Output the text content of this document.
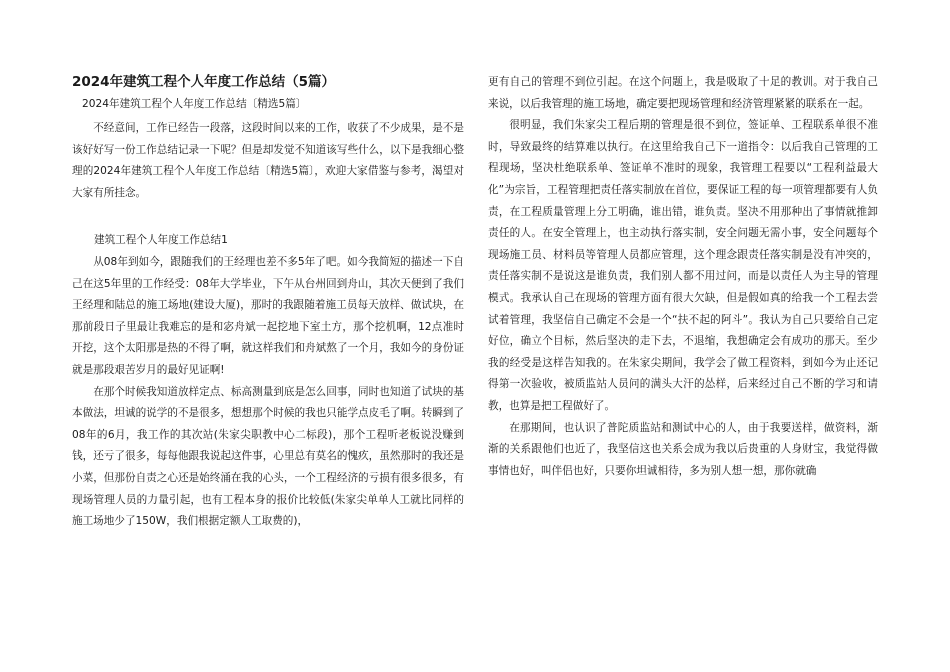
2024年建筑工程个人年度工作总结（5篇）
2024年建筑工程个人年度工作总结〔精选5篇〕

不经意间，工作已经告一段落，这段时间以来的工作，收获了不少成果，是不是该好好写一份工作总结记录一下呢？但是却发觉不知道该写些什么，以下是我细心整理的2024年建筑工程个人年度工作总结〔精选5篇〕，欢迎大家借鉴与参考，渴望对大家有所挂念。

建筑工程个人年度工作总结1

从08年到如今，跟随我们的王经理也差不多5年了吧。如今我简短的描述一下自己在这5年里的工作经受：08年大学毕业，下午从台州回到舟山，其次天便到了我们王经理和陆总的施工场地(建设大厦)，那时的我跟随着施工员每天放样、做试块，在那前段日子里最让我难忘的是和宓舟斌一起挖地下室土方，那个挖机啊，12点准时开挖，这个太阳那是热的不得了啊，就这样我们和舟斌熬了一个月，我如今的身份证就是那段艰苦岁月的最好见证啊!

在那个时候我知道放样定点、标高测量到底是怎么回事，同时也知道了试块的基本做法，坦诚的说学的不是很多，想想那个时候的我也只能学点皮毛了啊。转瞬到了08年的6月，我工作的其次站(朱家尖职教中心二标段)，那个工程听老板说没赚到钱，还亏了很多，每每他跟我说起这件事，心里总有莫名的愧疚，虽然那时的我还是小菜，但那份自责之心还是始终涌在我的心头，一个工程经济的亏损有很多很多，有现场管理人员的力量引起，也有工程本身的报价比较低(朱家尖单单人工就比同样的施工场地少了150W，我们根据定额人工取费的)，

更有自己的管理不到位引起。在这个问题上，我是吸取了十足的教训。对于我自己来说，以后我管理的施工场地，确定要把现场管理和经济管理紧紧的联系在一起。

很明显，我们朱家尖工程后期的管理是很不到位，签证单、工程联系单很不准时，导致最终的结算难以执行。在这里给我自己下一道指令：以后我自己管理的工程现场，坚决杜绝联系单、签证单不准时的现象，我管理工程要以“工程利益最大化”为宗旨，工程管理把责任落实制放在首位，要保证工程的每一项管理都要有人负责，在工程质量管理上分工明确，谁出错，谁负责。坚决不用那种出了事情就推卸责任的人。在安全管理上，也主动执行落实制，安全问题无需小事，安全问题每个现场施工员、材料员等管理人员都应管理，这个理念跟责任落实制是没有冲突的，责任落实制不是说这是谁负责，我们别人都不用过问，而是以责任人为主导的管理模式。我承认自己在现场的管理方面有很大欠缺，但是假如真的给我一个工程去尝试着管理，我坚信自己确定不会是一个“扶不起的阿斗”。我认为自己只要给自己定好位，确立个目标，然后坚决的走下去，不退缩，我想确定会有成功的那天。至少我的经受是这样告知我的。在朱家尖期间，我学会了做工程资料，到如今为止还记得第一次验收，被质监站人员问的满头大汗的怂样，后来经过自己不断的学习和请教，也算是把工程做好了。

在那期间，也认识了普陀质监站和测试中心的人，由于我要送样，做资料，渐渐的关系跟他们也近了，我坚信这也关系会成为我以后贵重的人身财宝，我觉得做事情也好，叫伴侣也好，只要你坦诚相待，多为别人想一想，那你就确
